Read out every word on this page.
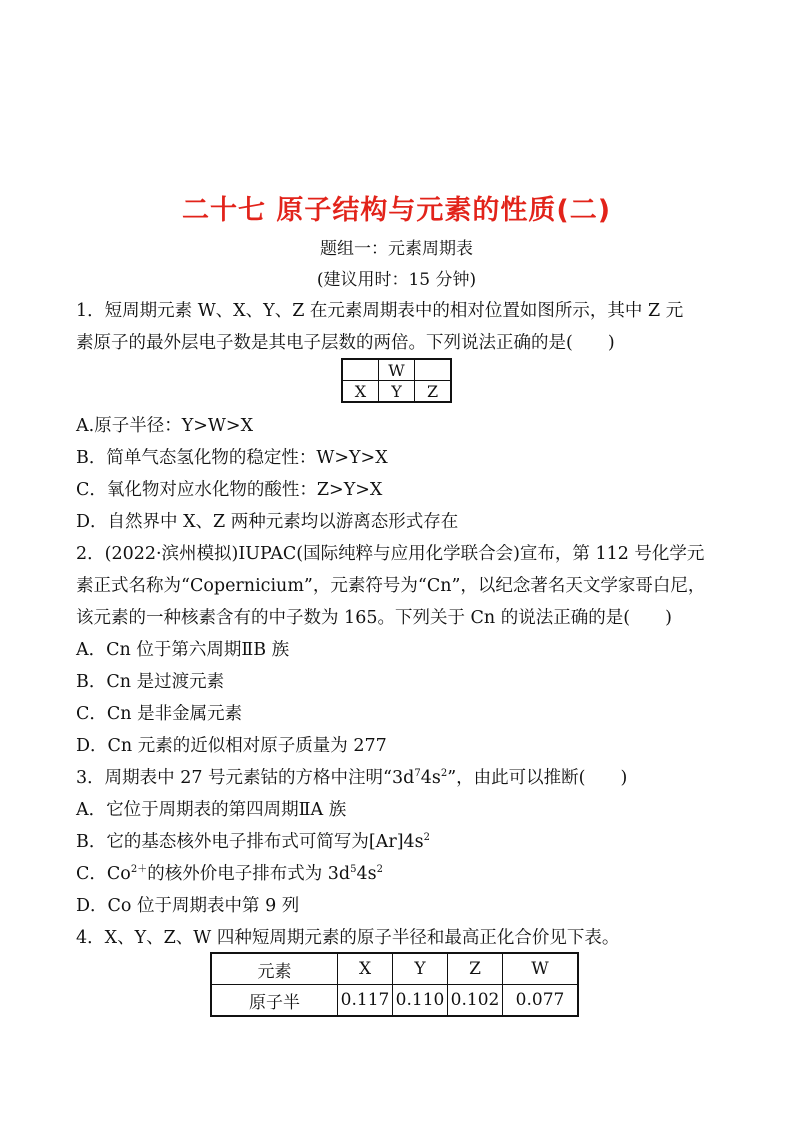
二十七 原子结构与元素的性质(二)
题组一：元素周期表
(建议用时：15 分钟)
1．短周期元素 W、X、Y、Z 在元素周期表中的相对位置如图所示，其中 Z 元
素原子的最外层电子数是其电子层数的两倍。下列说法正确的是(　　)
	W	
X	Y	Z
A.原子半径：Y>W>X
B．简单气态氢化物的稳定性：W>Y>X
C．氧化物对应水化物的酸性：Z>Y>X
D．自然界中 X、Z 两种元素均以游离态形式存在
2．(2022·滨州模拟)IUPAC(国际纯粹与应用化学联合会)宣布，第 112 号化学元
素正式名称为“Copernicium”，元素符号为“Cn”，以纪念著名天文学家哥白尼，
该元素的一种核素含有的中子数为 165。下列关于 Cn 的说法正确的是(　　)
A．Cn 位于第六周期ⅡB 族
B．Cn 是过渡元素
C．Cn 是非金属元素
D．Cn 元素的近似相对原子质量为 277
3．周期表中 27 号元素钴的方格中注明“$3d^74s^2$”，由此可以推断(　　)
A．它位于周期表的第四周期ⅡA 族
B．它的基态核外电子排布式可简写为$[Ar]4s^2$
C．$Co^{2+}$的核外价电子排布式为 $3d^54s^2$
D．Co 位于周期表中第 9 列
4．X、Y、Z、W 四种短周期元素的原子半径和最高正化合价见下表。
元素	X	Y	Z	W
原子半	0.117	0.110	0.102	0.077
